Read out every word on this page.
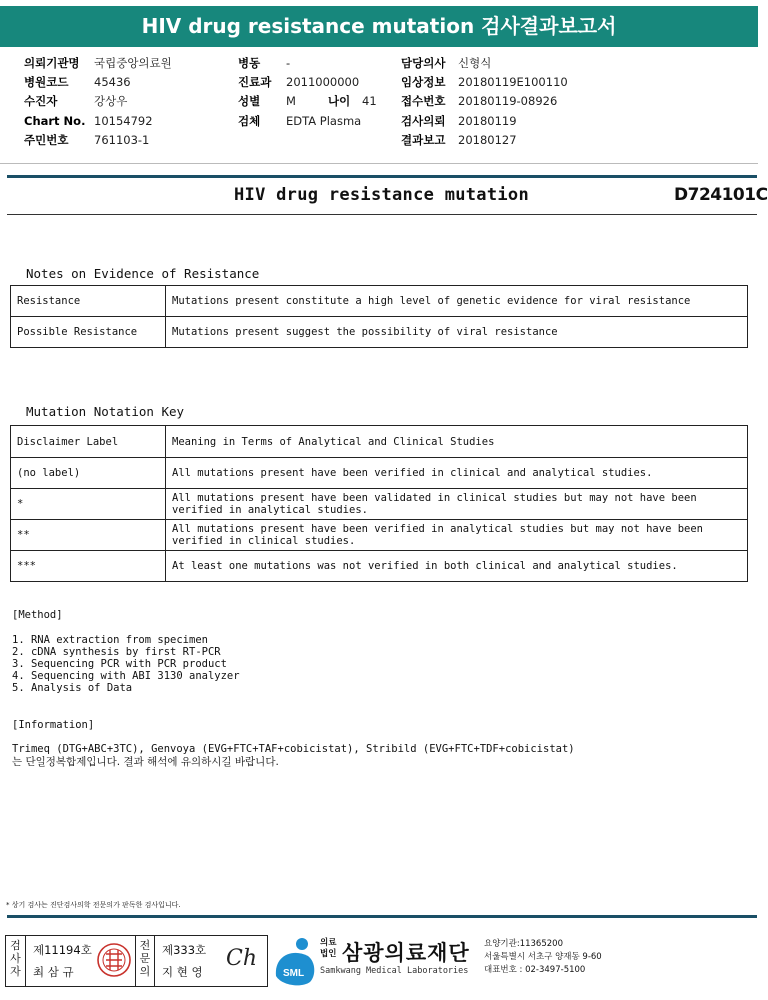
HIV drug resistance mutation 검사결과보고서
의뢰기관명 국립중앙의료원
병원코드 45436
수진자	강상우
Chart No. 10154792
주민번호 761103-1
병동 -
진료과 2011000000
성별 M	나이 41
검체 EDTA Plasma
담당의사 신형식
임상정보 20180119E100110
접수번호 20180119-08926
검사의뢰 20180119
결과보고 20180127
HIV drug resistance mutation	D724101C
Notes on Evidence of Resistance
Resistance	Mutations present constitute a high level of genetic evidence for viral resistance
Possible Resistance	Mutations present suggest the possibility of viral resistance
Mutation Notation Key
Disclaimer Label	Meaning in Terms of Analytical and Clinical Studies
(no label)	All mutations present have been verified in clinical and analytical studies.
*	All mutations present have been validated in clinical studies but may not have been verified in analytical studies.
**	All mutations present have been verified in analytical studies but may not have been verified in clinical studies.
***	At least one mutations was not verified in both clinical and analytical studies.
[Method]
1. RNA extraction from specimen
2. cDNA synthesis by first RT-PCR
3. Sequencing PCR with PCR product
4. Sequencing with ABI 3130 analyzer
5. Analysis of Data
[Information]
Trimeq (DTG+ABC+3TC), Genvoya (EVG+FTC+TAF+cobicistat), Stribild (EVG+FTC+TDF+cobicistat)
는 단일정복합제입니다. 결과 해석에 유의하시길 바랍니다.
* 상기 검사는 진단검사의학 전문의가 판독한 검사입니다.
검
사
자
제11194호
최 삼 규
전
문
의
제333호
지 현 영
Ch
SML
의료
법인 삼광의료재단
Samkwang Medical Laboratories
요양기관:11365200
서울특별시 서초구 양재동 9-60
대표번호 : 02-3497-5100
